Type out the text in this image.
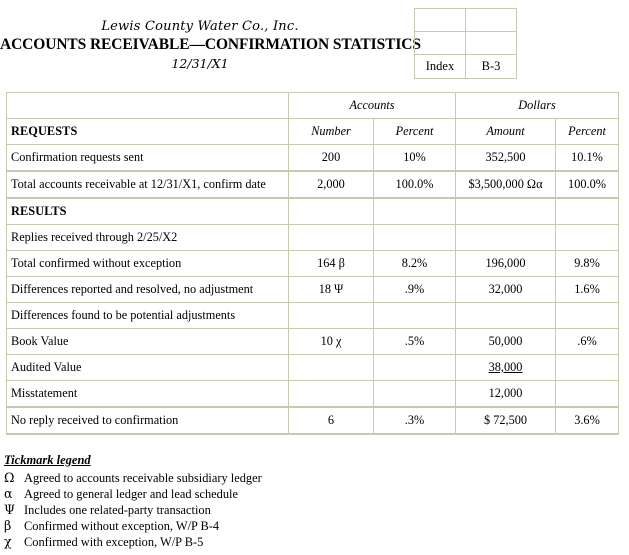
Lewis County Water Co., Inc.
ACCOUNTS RECEIVABLE—CONFIRMATION STATISTICS
12/31/X1

		Index	B-3
	Accounts		Dollars	
REQUESTS	Number	Percent	Amount	Percent
Confirmation requests sent	200	10%	352,500	10.1%
Total accounts receivable at 12/31/X1, confirm date	2,000	100.0%	$3,500,000 Ωα	100.0%
RESULTS				
Replies received through 2/25/X2				
Total confirmed without exception	164 β	8.2%	196,000	9.8%
Differences reported and resolved, no adjustment	18 Ψ	.9%	32,000	1.6%
Differences found to be potential adjustments				
Book Value	10 χ	.5%	50,000	.6%
Audited Value			38,000	
Misstatement			12,000	
No reply received to confirmation	6	.3%	$ 72,500	3.6%
Tickmark legend
Ω Agreed to accounts receivable subsidiary ledger
α Agreed to general ledger and lead schedule
Ψ Includes one related-party transaction
β	Confirmed without exception, W/P B-4
χ Confirmed with exception, W/P B-5
